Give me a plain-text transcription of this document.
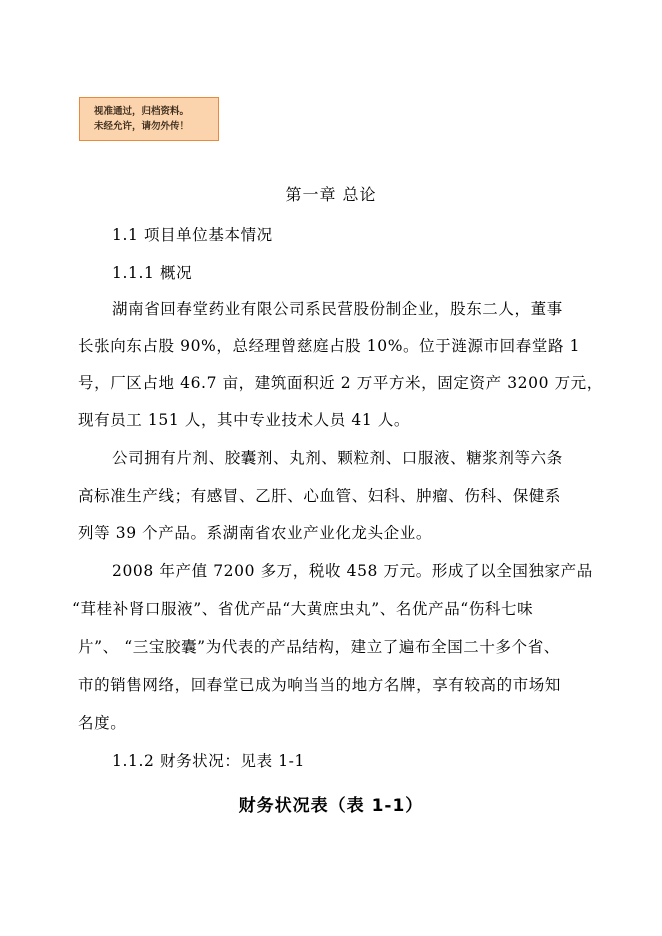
视准通过，归档资料。
未经允许，请勿外传！
第一章 总论
1.1 项目单位基本情况
1.1.1 概况
湖南省回春堂药业有限公司系民营股份制企业，股东二人，董事
长张向东占股 90%，总经理曾慈庭占股 10%。位于涟源市回春堂路 1
号，厂区占地 46.7 亩，建筑面积近 2 万平方米，固定资产 3200 万元，
现有员工 151 人，其中专业技术人员 41 人。
公司拥有片剂、胶囊剂、丸剂、颗粒剂、口服液、糖浆剂等六条
高标准生产线；有感冒、乙肝、心血管、妇科、肿瘤、伤科、保健系
列等 39 个产品。系湖南省农业产业化龙头企业。
2008 年产值 7200 多万，税收 458 万元。形成了以全国独家产品
“茸桂补肾口服液”、省优产品“大黄庶虫丸”、名优产品“伤科七味
片”、 “三宝胶囊”为代表的产品结构，建立了遍布全国二十多个省、
市的销售网络，回春堂已成为响当当的地方名牌，享有较高的市场知
名度。
1.1.2 财务状况：见表 1-1
财务状况表（表 1-1）
